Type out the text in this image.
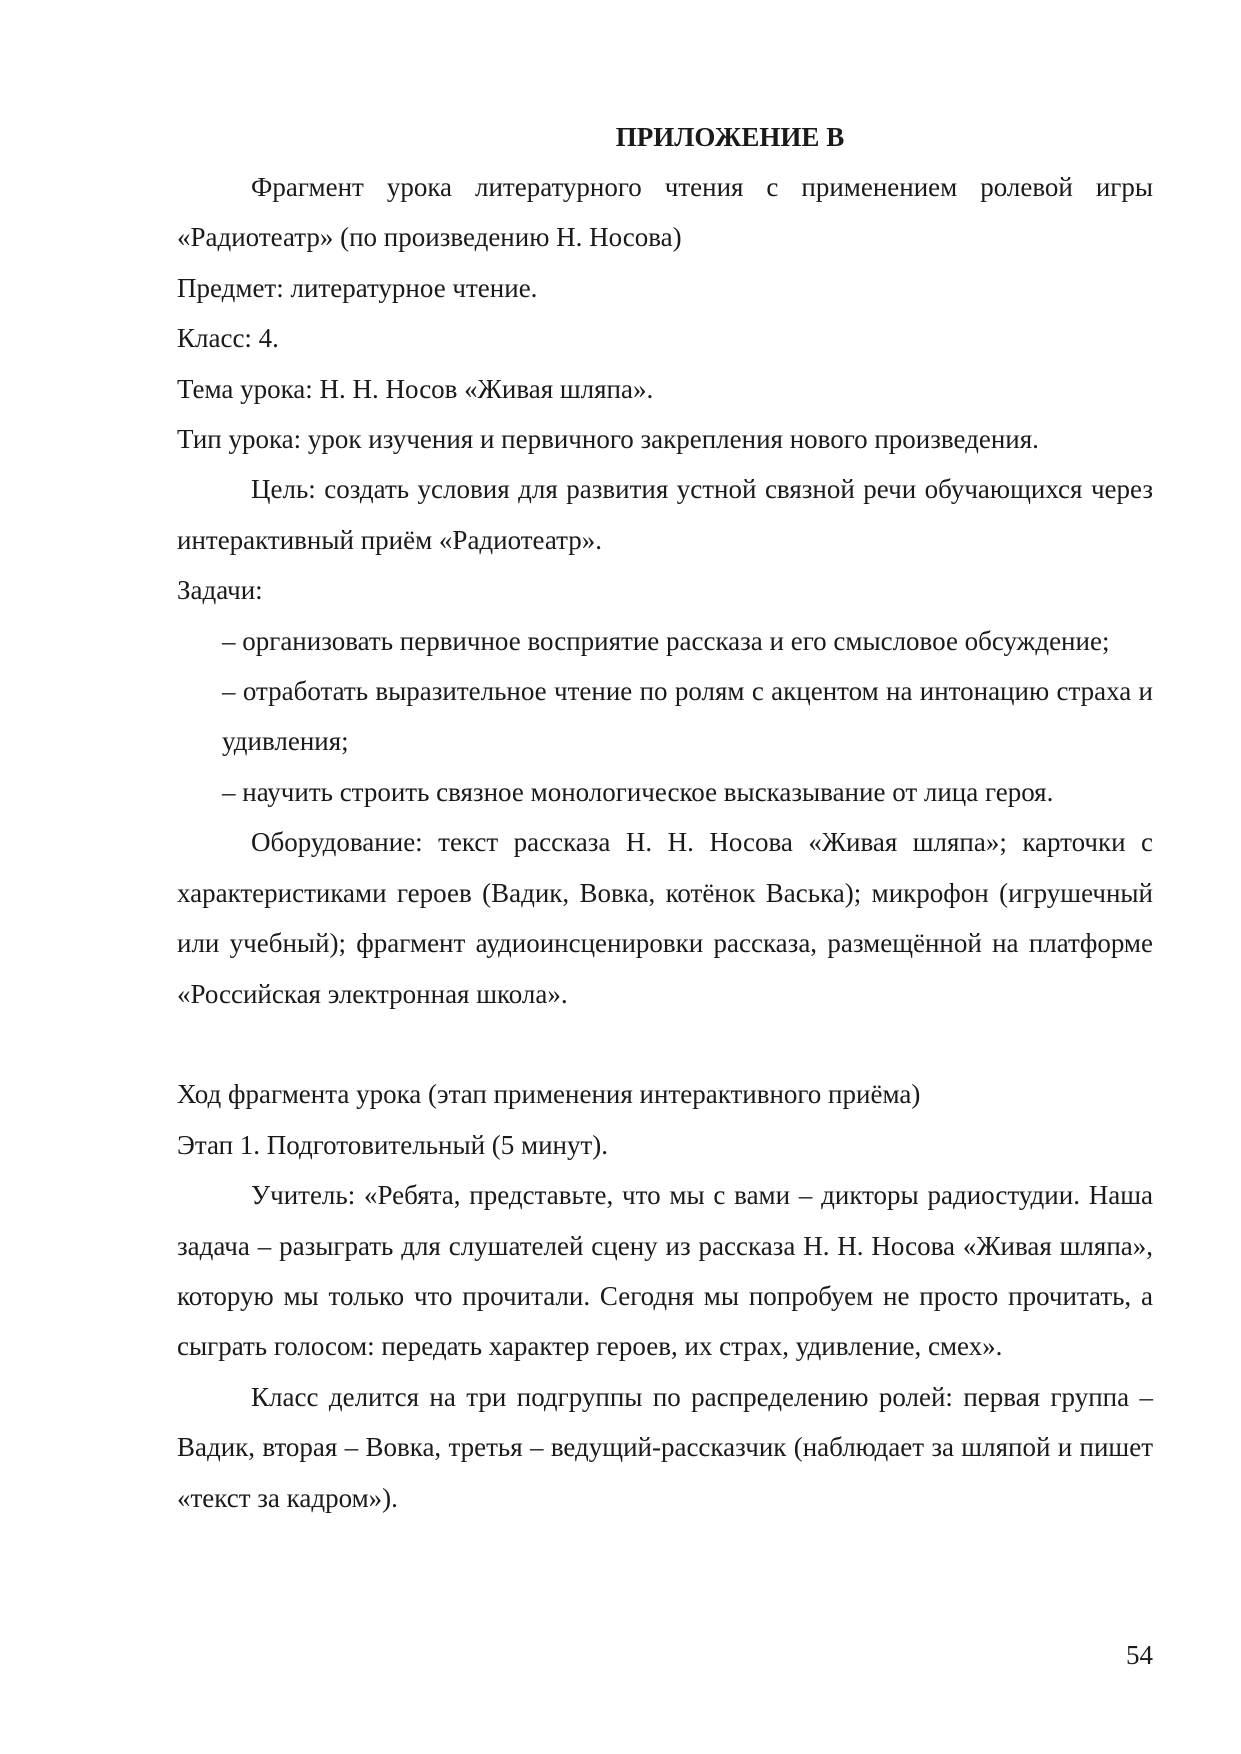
ПРИЛОЖЕНИЕ В

Фрагмент урока литературного чтения с применением ролевой игры «Радиотеатр» (по произведению Н. Носова)

Предмет: литературное чтение.

Класс: 4.

Тема урока: Н. Н. Носов «Живая шляпа».

Тип урока: урок изучения и первичного закрепления нового произведения.

Цель: создать условия для развития устной связной речи обучающихся через интерактивный приём «Радиотеатр».

Задачи:

– организовать первичное восприятие рассказа и его смысловое обсуждение;
– отработать выразительное чтение по ролям с акцентом на интонацию страха и удивления;
– научить строить связное монологическое высказывание от лица героя.

Оборудование: текст рассказа Н. Н. Носова «Живая шляпа»; карточки с характеристиками героев (Вадик, Вовка, котёнок Васька); микрофон (игрушечный или учебный); фрагмент аудиоинсценировки рассказа, размещённой на платформе «Российская электронная школа».

Ход фрагмента урока (этап применения интерактивного приёма)

Этап 1. Подготовительный (5 минут).

Учитель: «Ребята, представьте, что мы с вами – дикторы радиостудии. Наша задача – разыграть для слушателей сцену из рассказа Н. Н. Носова «Живая шляпа», которую мы только что прочитали. Сегодня мы попробуем не просто прочитать, а сыграть голосом: передать характер героев, их страх, удивление, смех».

Класс делится на три подгруппы по распределению ролей: первая группа – Вадик, вторая – Вовка, третья – ведущий-рассказчик (наблюдает за шляпой и пишет «текст за кадром»).

54
